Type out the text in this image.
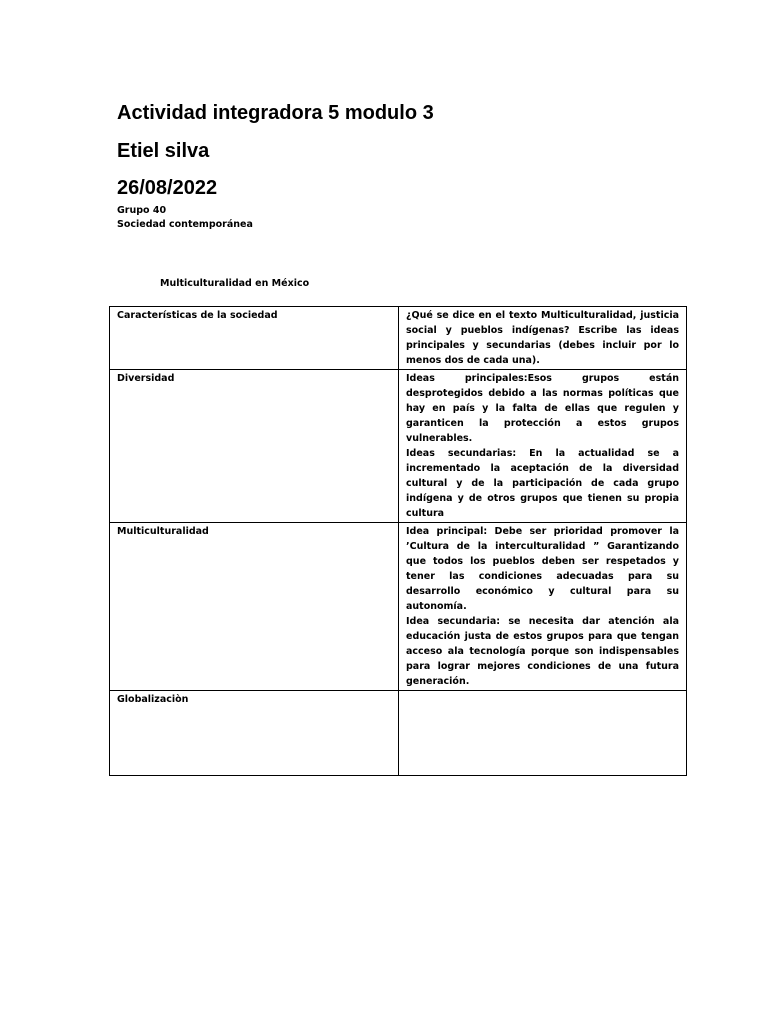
Actividad integradora 5 modulo 3
Etiel silva
26/08/2022
Grupo 40
Sociedad contemporánea
Multiculturalidad en México
Características de la sociedad	¿Qué se dice en el texto Multiculturalidad, justicia social y pueblos indígenas? Escribe las ideas principales y secundarias (debes incluir por lo menos dos de cada una).

Diversidad	Ideas principales:Esos grupos están desprotegidos debido a las normas políticas que hay en país y la falta de ellas que regulen y garanticen la protección a estos grupos vulnerables.

Ideas secundarias: En la actualidad se a incrementado la aceptación de la diversidad cultural y de la participación de cada grupo indígena y de otros grupos que tienen su propia cultura

Multiculturalidad	Idea principal: Debe ser prioridad promover la ’Cultura de la interculturalidad ” Garantizando que todos los pueblos deben ser respetados y tener las condiciones adecuadas para su desarrollo económico y cultural para su autonomía.

Idea secundaria: se necesita dar atención ala educación justa de estos grupos para que tengan acceso ala tecnología porque son indispensables para lograr mejores condiciones de una futura generación.

Globalizaciòn	
